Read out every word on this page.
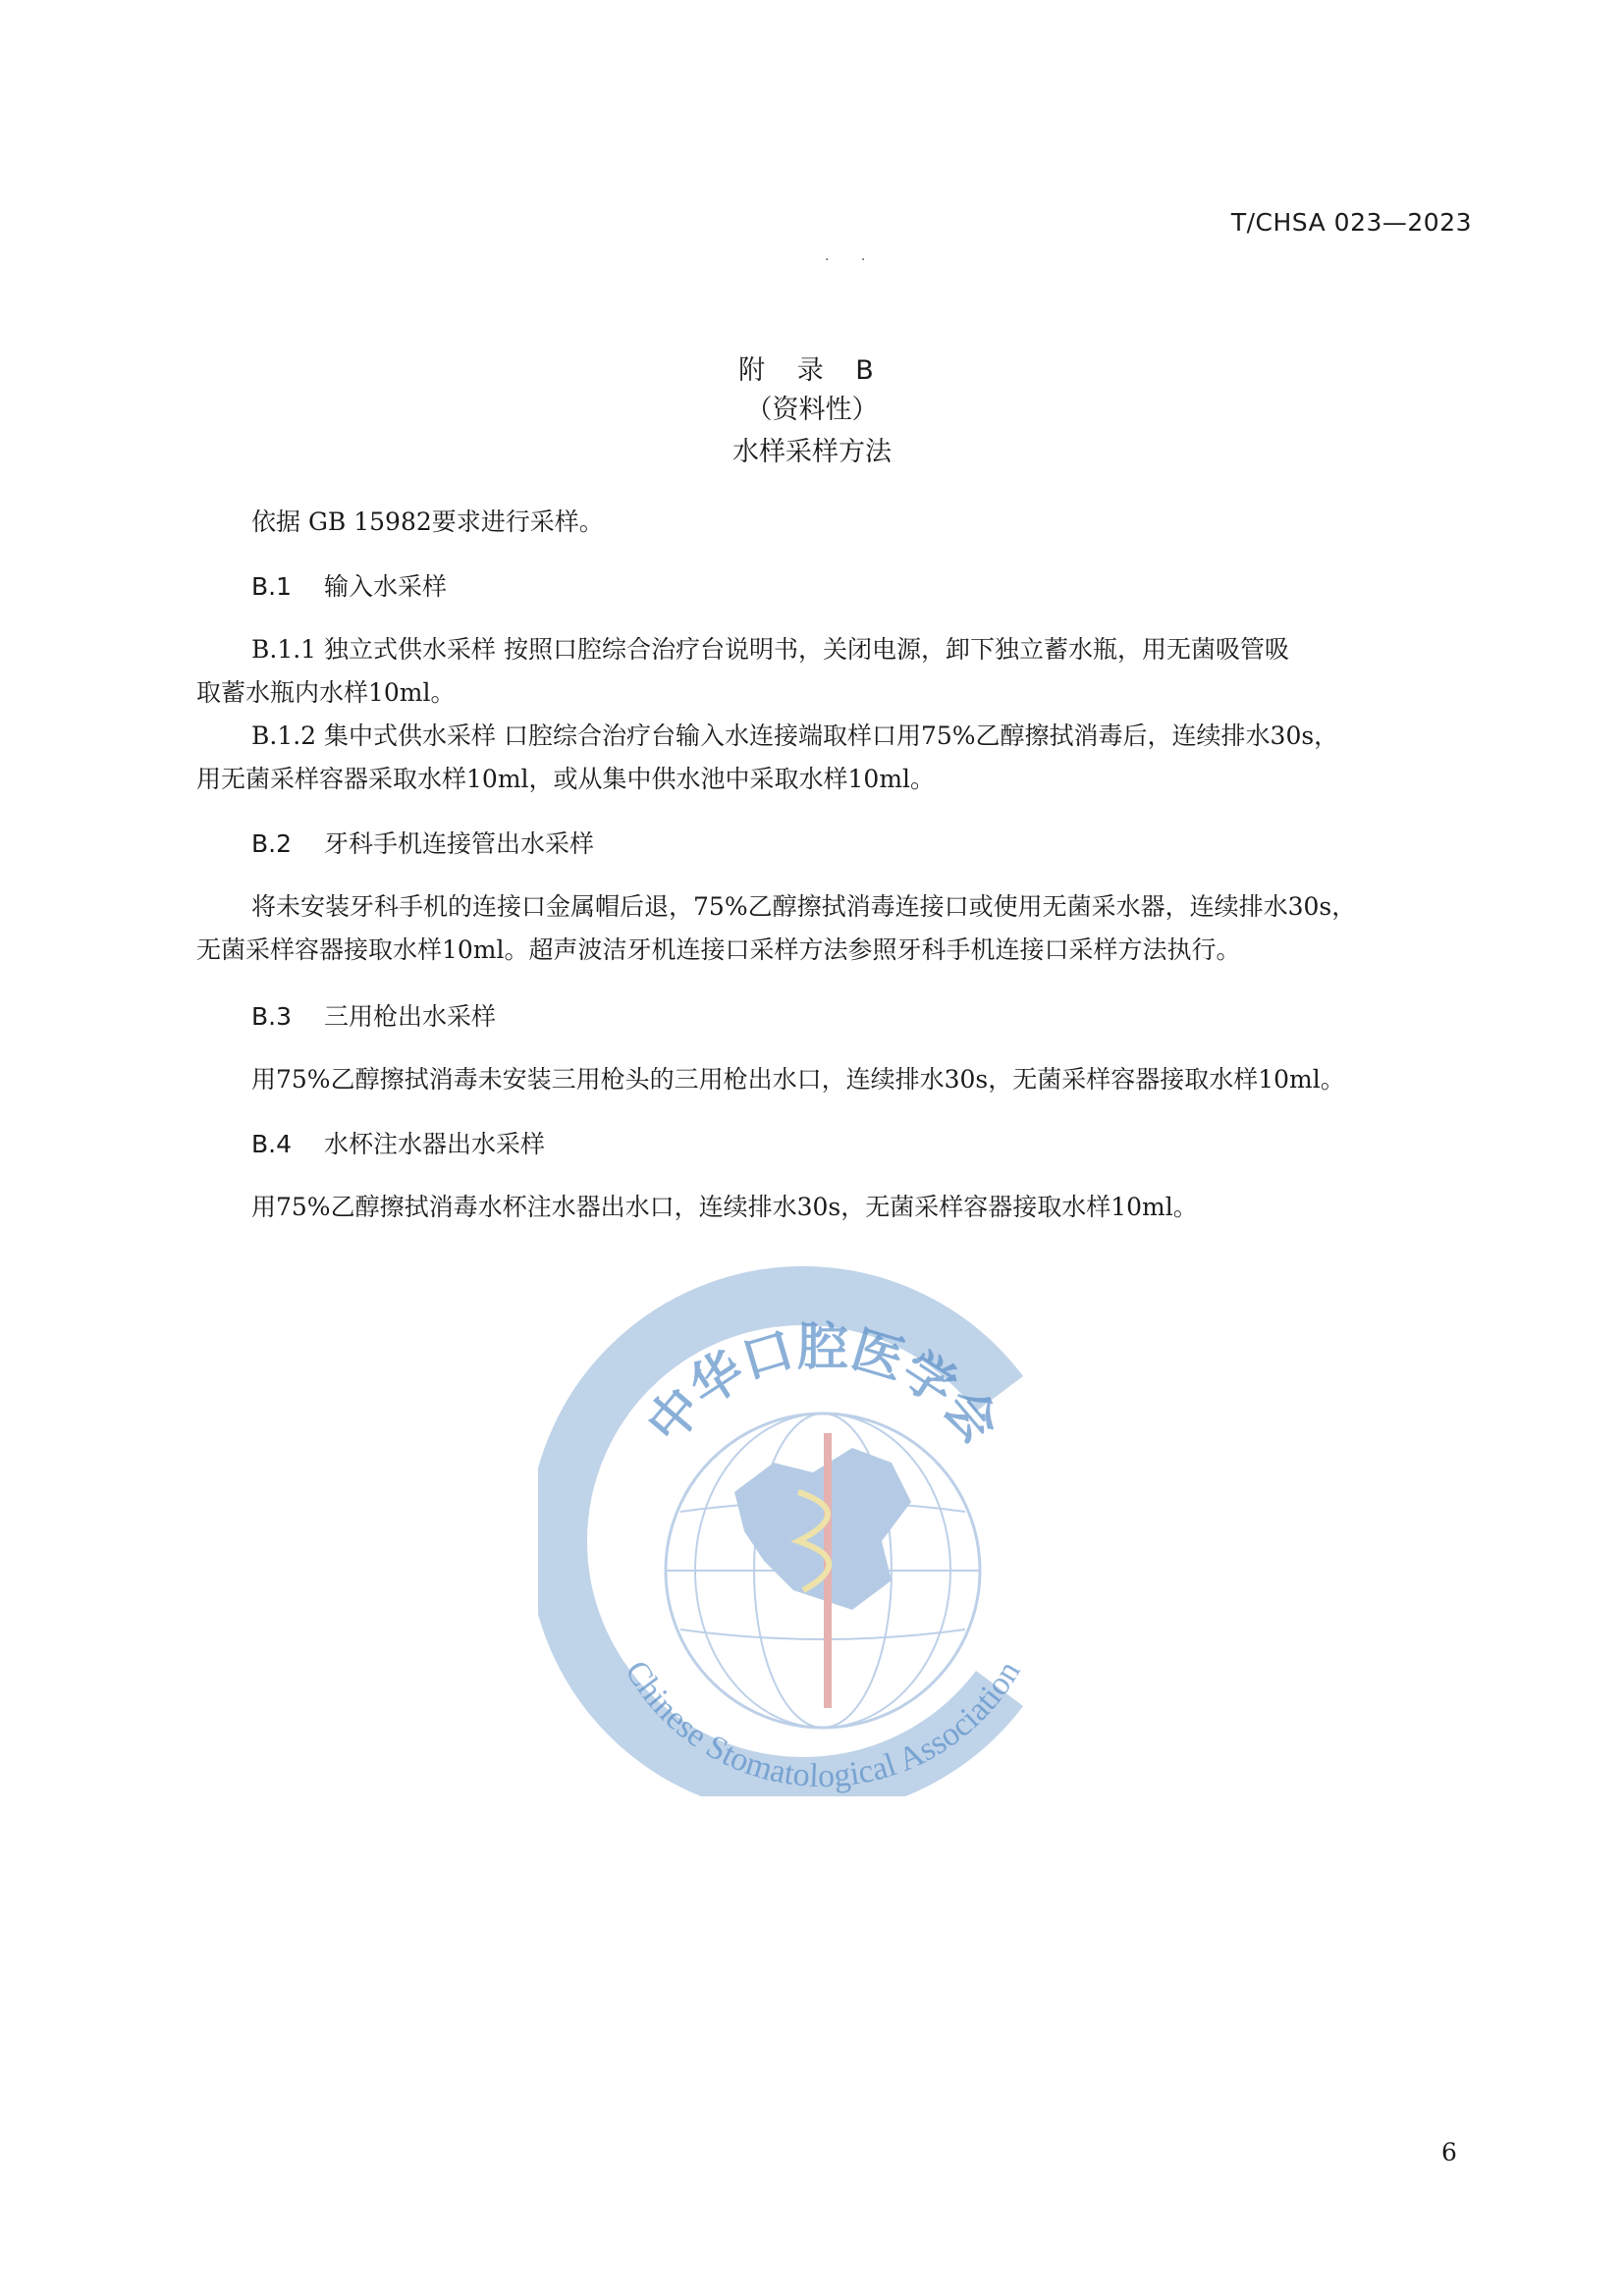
T/CHSA 023—2023
. .
附 录 B
（资料性）
水样采样方法
依据 GB 15982要求进行采样。
B.1 输入水采样
B.1.1 独立式供水采样 按照口腔综合治疗台说明书，关闭电源，卸下独立蓄水瓶，用无菌吸管吸
取蓄水瓶内水样10ml。
B.1.2 集中式供水采样 口腔综合治疗台输入水连接端取样口用75%乙醇擦拭消毒后，连续排水30s，
用无菌采样容器采取水样10ml，或从集中供水池中采取水样10ml。
B.2 牙科手机连接管出水采样
将未安装牙科手机的连接口金属帽后退，75%乙醇擦拭消毒连接口或使用无菌采水器，连续排水30s，
无菌采样容器接取水样10ml。超声波洁牙机连接口采样方法参照牙科手机连接口采样方法执行。
B.3 三用枪出水采样
用75%乙醇擦拭消毒未安装三用枪头的三用枪出水口，连续排水30s，无菌采样容器接取水样10ml。
B.4 水杯注水器出水采样
用75%乙醇擦拭消毒水杯注水器出水口，连续排水30s，无菌采样容器接取水样10ml。
中华口腔医学会
Chinese Stomatological Association
6
